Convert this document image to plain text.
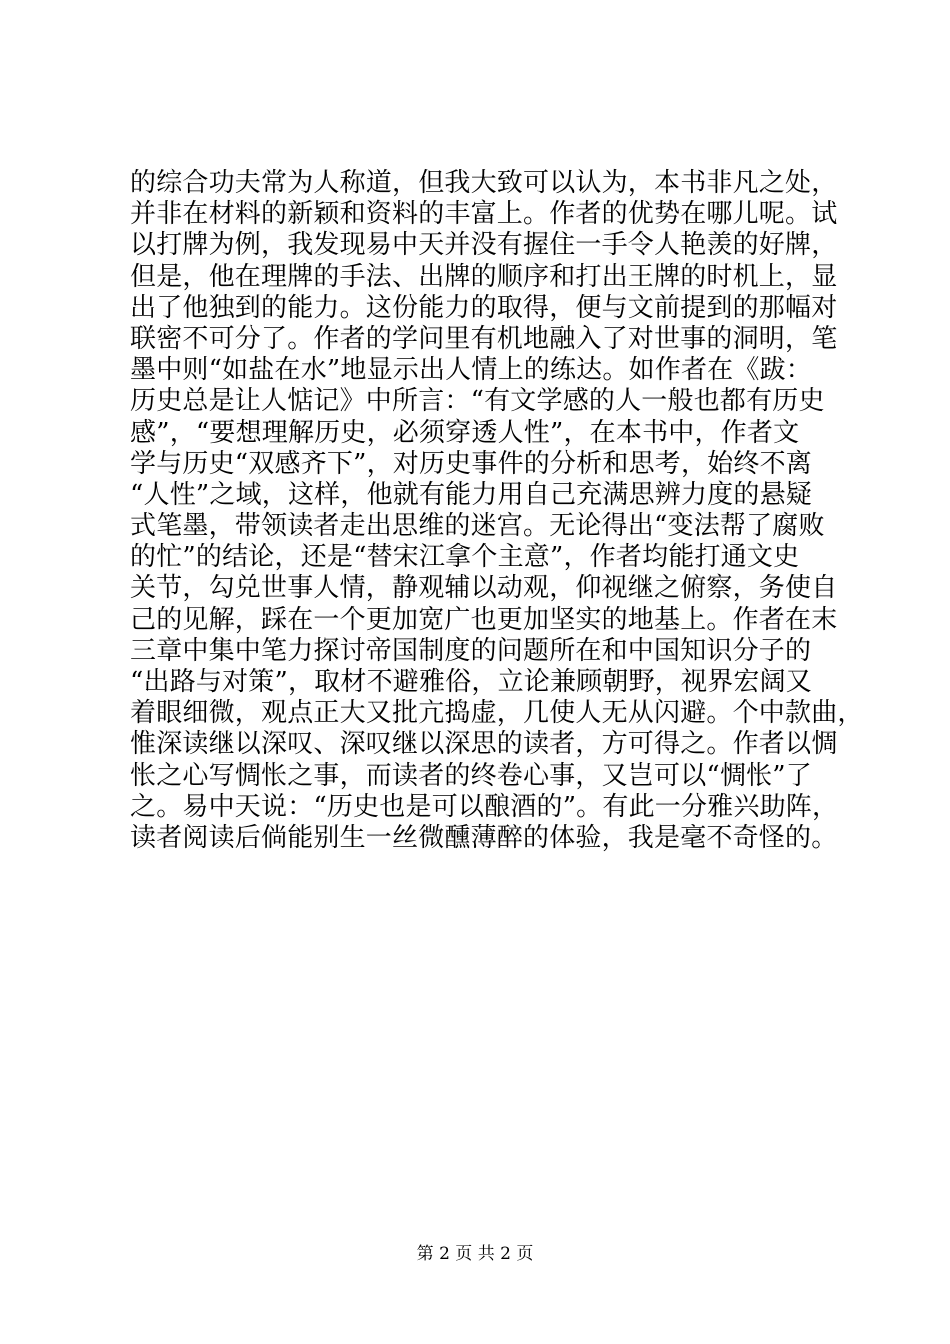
的综合功夫常为人称道，但我大致可以认为，本书非凡之处，
并非在材料的新颖和资料的丰富上。作者的优势在哪儿呢。试
以打牌为例，我发现易中天并没有握住一手令人艳羡的好牌，
但是，他在理牌的手法、出牌的顺序和打出王牌的时机上，显
出了他独到的能力。这份能力的取得，便与文前提到的那幅对
联密不可分了。作者的学问里有机地融入了对世事的洞明，笔
墨中则“如盐在水”地显示出人情上的练达。如作者在《跋：
历史总是让人惦记》中所言：“有文学感的人一般也都有历史
感”，“要想理解历史，必须穿透人性”，在本书中，作者文
学与历史“双感齐下”，对历史事件的分析和思考，始终不离
“人性”之域，这样，他就有能力用自己充满思辨力度的悬疑
式笔墨，带领读者走出思维的迷宫。无论得出“变法帮了腐败
的忙”的结论，还是“替宋江拿个主意”，作者均能打通文史
关节，勾兑世事人情，静观辅以动观，仰视继之俯察，务使自
己的见解，踩在一个更加宽广也更加坚实的地基上。作者在末
三章中集中笔力探讨帝国制度的问题所在和中国知识分子的
“出路与对策”，取材不避雅俗，立论兼顾朝野，视界宏阔又
着眼细微，观点正大又批亢捣虚，几使人无从闪避。个中款曲，
惟深读继以深叹、深叹继以深思的读者，方可得之。作者以惆
怅之心写惆怅之事，而读者的终卷心事，又岂可以“惆怅”了
之。易中天说：“历史也是可以酿酒的”。有此一分雅兴助阵，
读者阅读后倘能别生一丝微醺薄醉的体验，我是毫不奇怪的。
第 2 页 共 2 页
